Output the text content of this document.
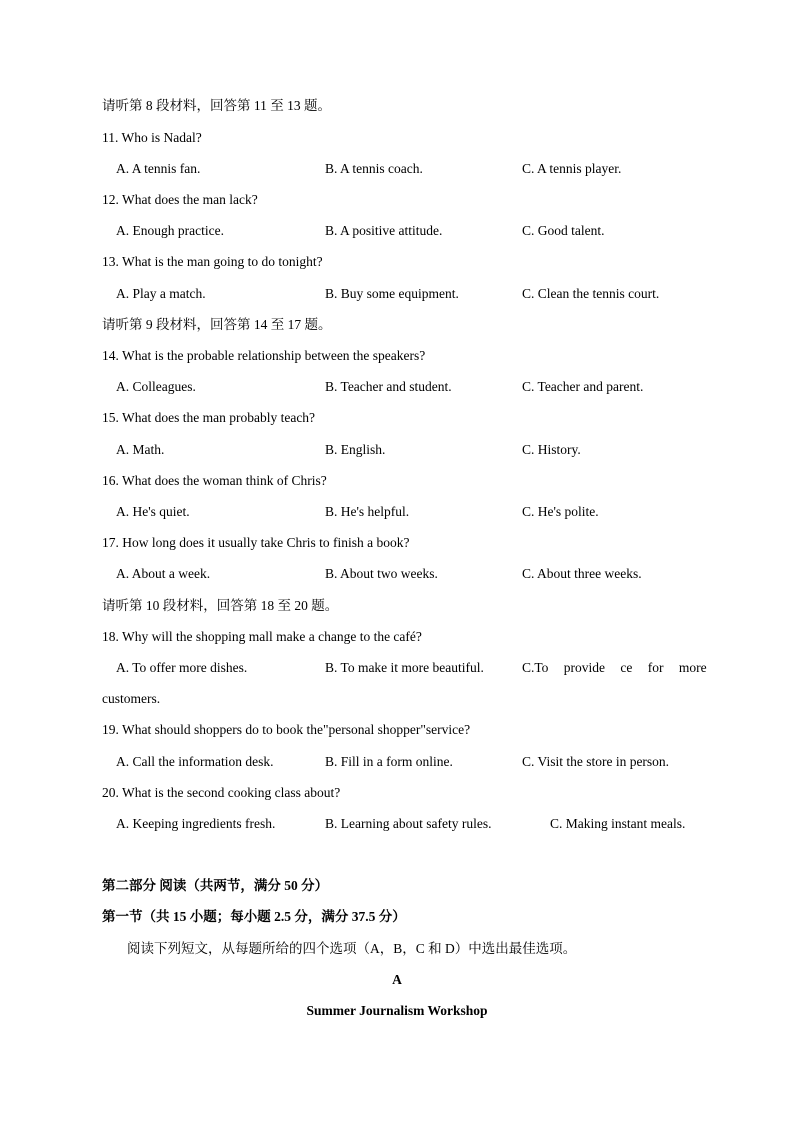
请听第 8 段材料，回答第 11 至 13 题。
11. Who is Nadal?
A. A tennis fan.	B. A tennis coach.	C. A tennis player.
12. What does the man lack?
A. Enough practice.	B. A positive attitude.	C. Good talent.
13. What is the man going to do tonight?
A. Play a match.	B. Buy some equipment.	C. Clean the tennis court.
请听第 9 段材料，回答第 14 至 17 题。
14. What is the probable relationship between the speakers?
A. Colleagues.	B. Teacher and student.	C. Teacher and parent.
15. What does the man probably teach?
A. Math.	B. English.	C. History.
16. What does the woman think of Chris?
A. He's quiet.	B. He's helpful.	C. He's polite.
17. How long does it usually take Chris to finish a book?
A. About a week.	B. About two weeks.	C. About three weeks.
请听第 10 段材料，回答第 18 至 20 题。
18. Why will the shopping mall make a change to the café?
A. To offer more dishes.	B. To make it more beautiful.	C.To provide ce for more
customers.
19. What should shoppers do to book the"personal shopper"service?
A. Call the information desk.	B. Fill in a form online.	C. Visit the store in person.
20. What is the second cooking class about?
A. Keeping ingredients fresh.	B. Learning about safety rules.	C. Making instant meals.
第二部分 阅读（共两节，满分 50 分）
第一节（共 15 小题；每小题 2.5 分，满分 37.5 分）
阅读下列短文，从每题所给的四个选项（A，B，C 和 D）中选出最佳选项。
A
Summer Journalism Workshop
